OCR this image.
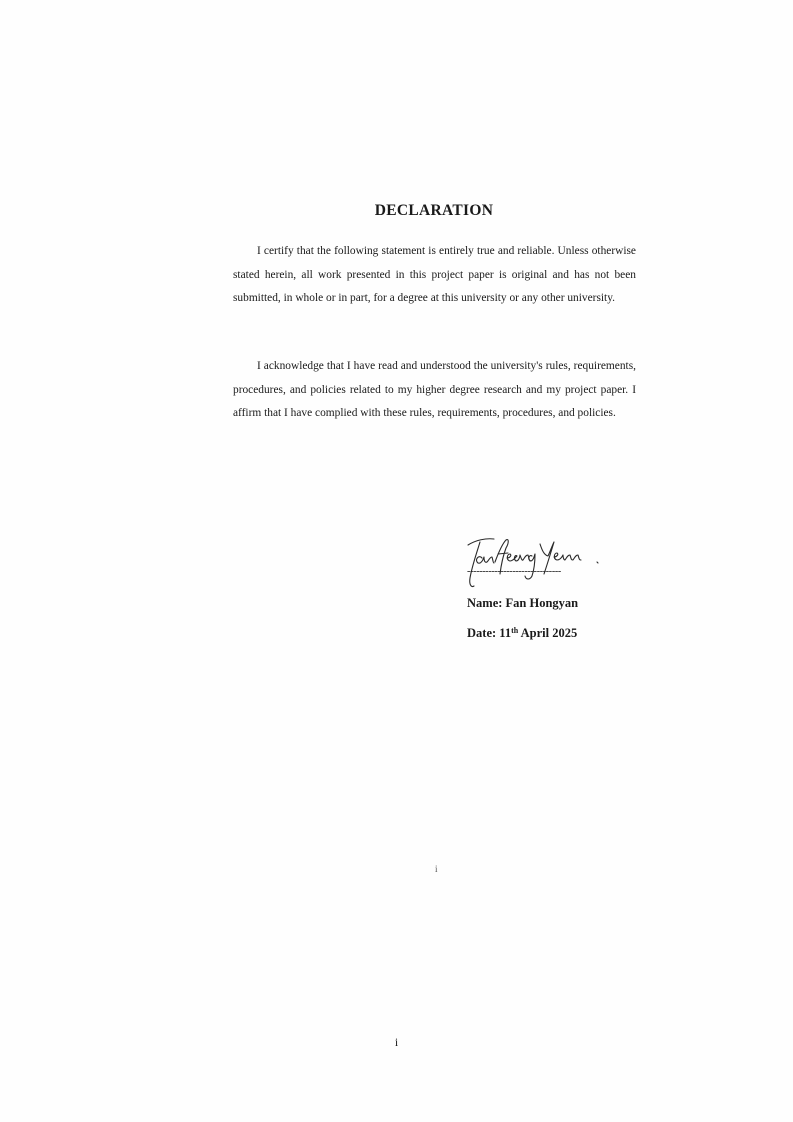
DECLARATION

I certify that the following statement is entirely true and reliable. Unless otherwise stated herein, all work presented in this project paper is original and has not been submitted, in whole or in part, for a degree at this university or any other university.

I acknowledge that I have read and understood the university's rules, requirements, procedures, and policies related to my higher degree research and my project paper. I affirm that I have complied with these rules, requirements, procedures, and policies.

-------------------------------

Name: Fan Hongyan

Date: 11th April 2025

i

i
